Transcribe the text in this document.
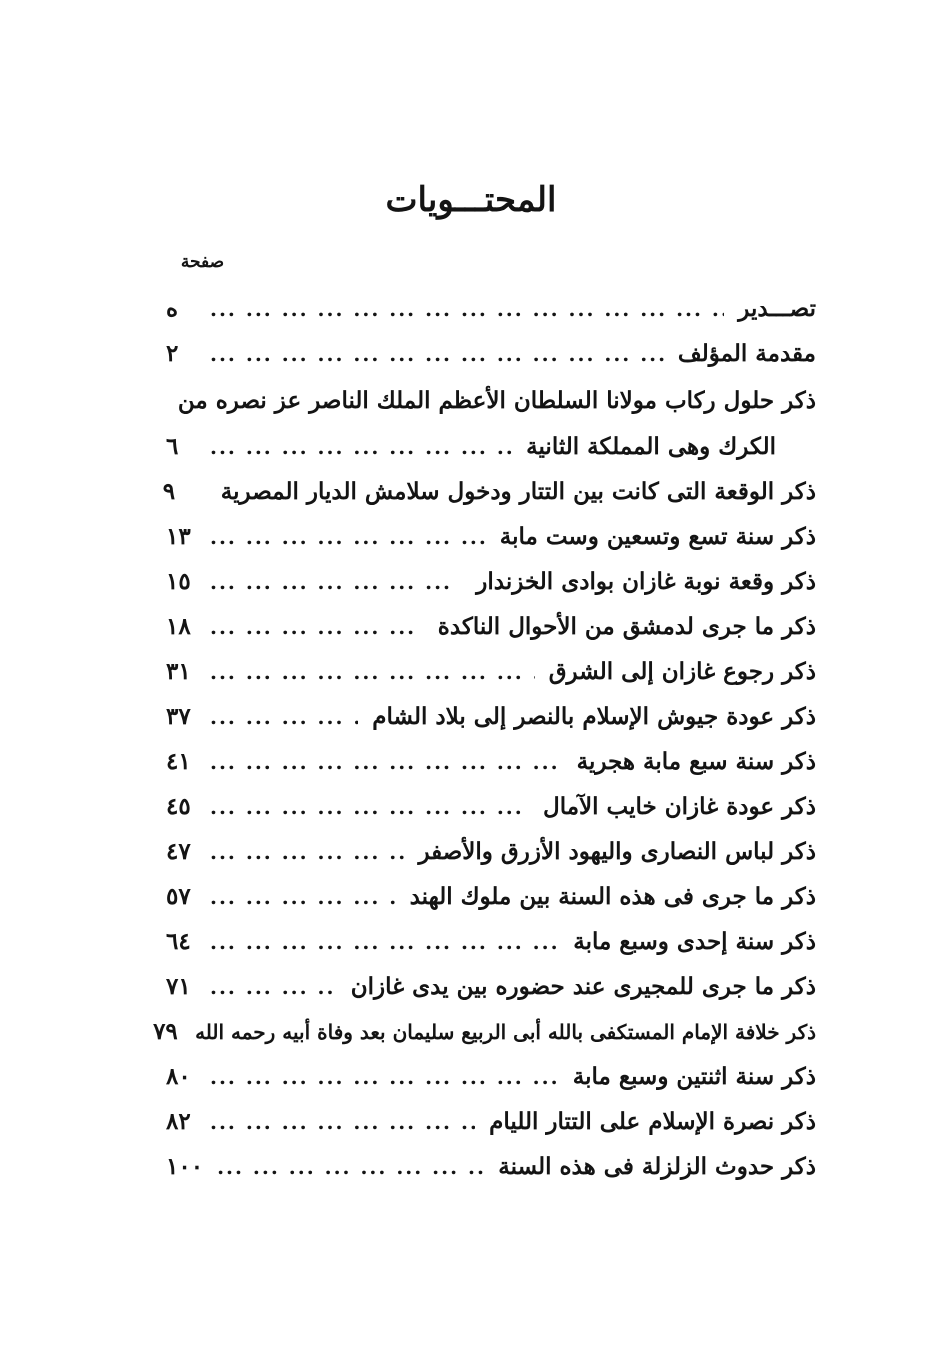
المحتـــويات
صفحة
تصـــدير
... .
ه
مقدمة المؤلف
... .
٢
ذكر حلول ركاب مولانا السلطان الأعظم الملك الناصر عز نصره من
الكرك وهى المملكة الثانية
... .
٦
ذكر الوقعة التى كانت بين التتار ودخول سلامش الديار المصرية
٩
ذكر سنة تسع وتسعين وست مابة
... .
١٣
ذكر وقعة نوبة غازان بوادى الخزندار
... .
١٥
ذكر ما جرى لدمشق من الأحوال الناكدة
... .
١٨
ذكر رجوع غازان إلى الشرق
... .
٣١
ذكر عودة جيوش الإسلام بالنصر إلى بلاد الشام
... .
٣٧
ذكر سنة سبع مابة هجرية
... .
٤١
ذكر عودة غازان خايب الآمال
... .
٤٥
ذكر لباس النصارى واليهود الأزرق والأصفر
... .
٤٧
ذكر ما جرى فى هذه السنة بين ملوك الهند
... .
٥٧
ذكر سنة إحدى وسبع مابة
... .
٦٤
ذكر ما جرى للمجيرى عند حضوره بين يدى غازان
... .
٧١
ذكر خلافة الإمام المستكفى بالله أبى الربيع سليمان بعد وفاة أبيه رحمه الله
٧٩
ذكر سنة اثنتين وسبع مابة
... .
٨٠
ذكر نصرة الإسلام على التتار الليام
... .
٨٢
ذكر حدوث الزلزلة فى هذه السنة
... .
١٠٠
